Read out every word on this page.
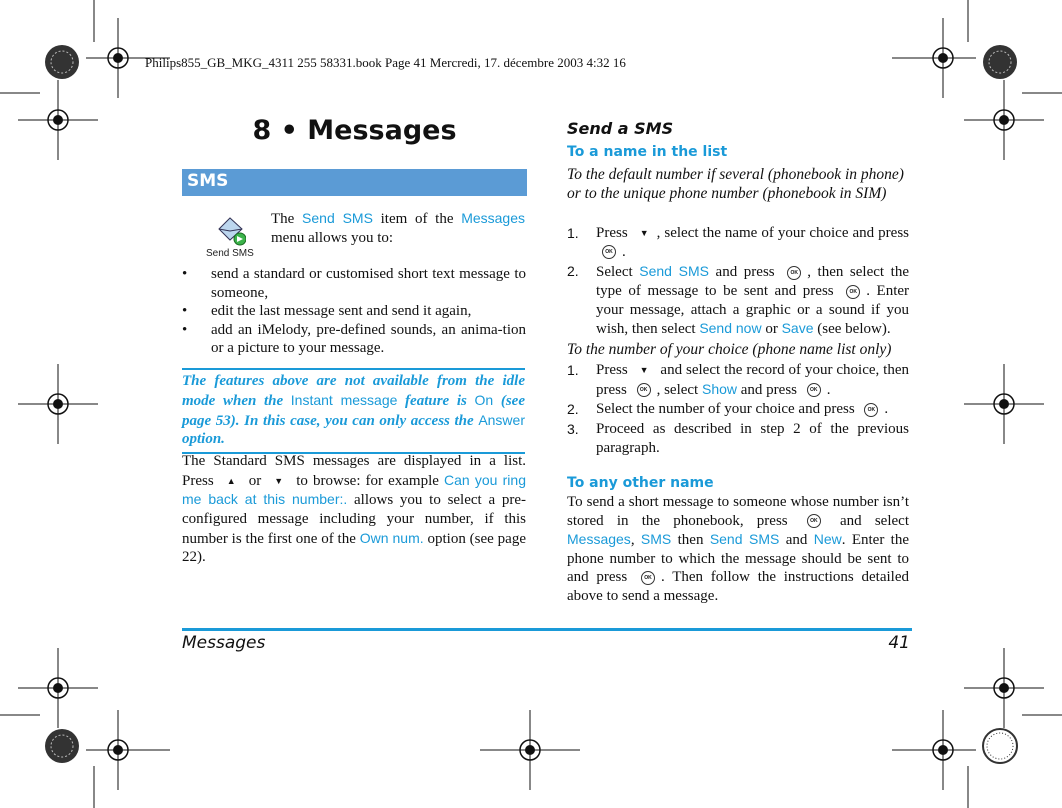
Philips855_GB_MKG_4311 255 58331.book Page 41 Mercredi, 17. décembre 2003 4:32 16
8 • Messages
SMS
Send SMS
The Send SMS item of the Messages menu allows you to:
• send a standard or customised short text message to someone,
• edit the last message sent and send it again,
• add an iMelody, pre-defined sounds, an anima-tion or a picture to your message.
The features above are not available from the idle mode when the Instant message feature is On (see page 53). In this case, you can only access the Answer option.
The Standard SMS messages are displayed in a list. Press ▲ or ▼ to browse: for example Can you ring me back at this number:. allows you to select a pre-configured message including your number, if this number is the first one of the Own num. option (see page 22).
Send a SMS
To a name in the list
To the default number if several (phonebook in phone) or to the unique phone number (phonebook in SIM)
1. Press ▼ , select the name of your choice and press OK .
2. Select Send SMS and press OK , then select the type of message to be sent and press OK . Enter your message, attach a graphic or a sound if you wish, then select Send now or Save (see below).
To the number of your choice (phone name list only)
1. Press ▼ and select the record of your choice, then press OK , select Show and press OK .
2. Select the number of your choice and press OK .
3. Proceed as described in step 2 of the previous paragraph.
To any other name
To send a short message to someone whose number isn’t stored in the phonebook, press OK and select Messages, SMS then Send SMS and New. Enter the phone number to which the message should be sent to and press OK . Then follow the instructions detailed above to send a message.
Messages	41
